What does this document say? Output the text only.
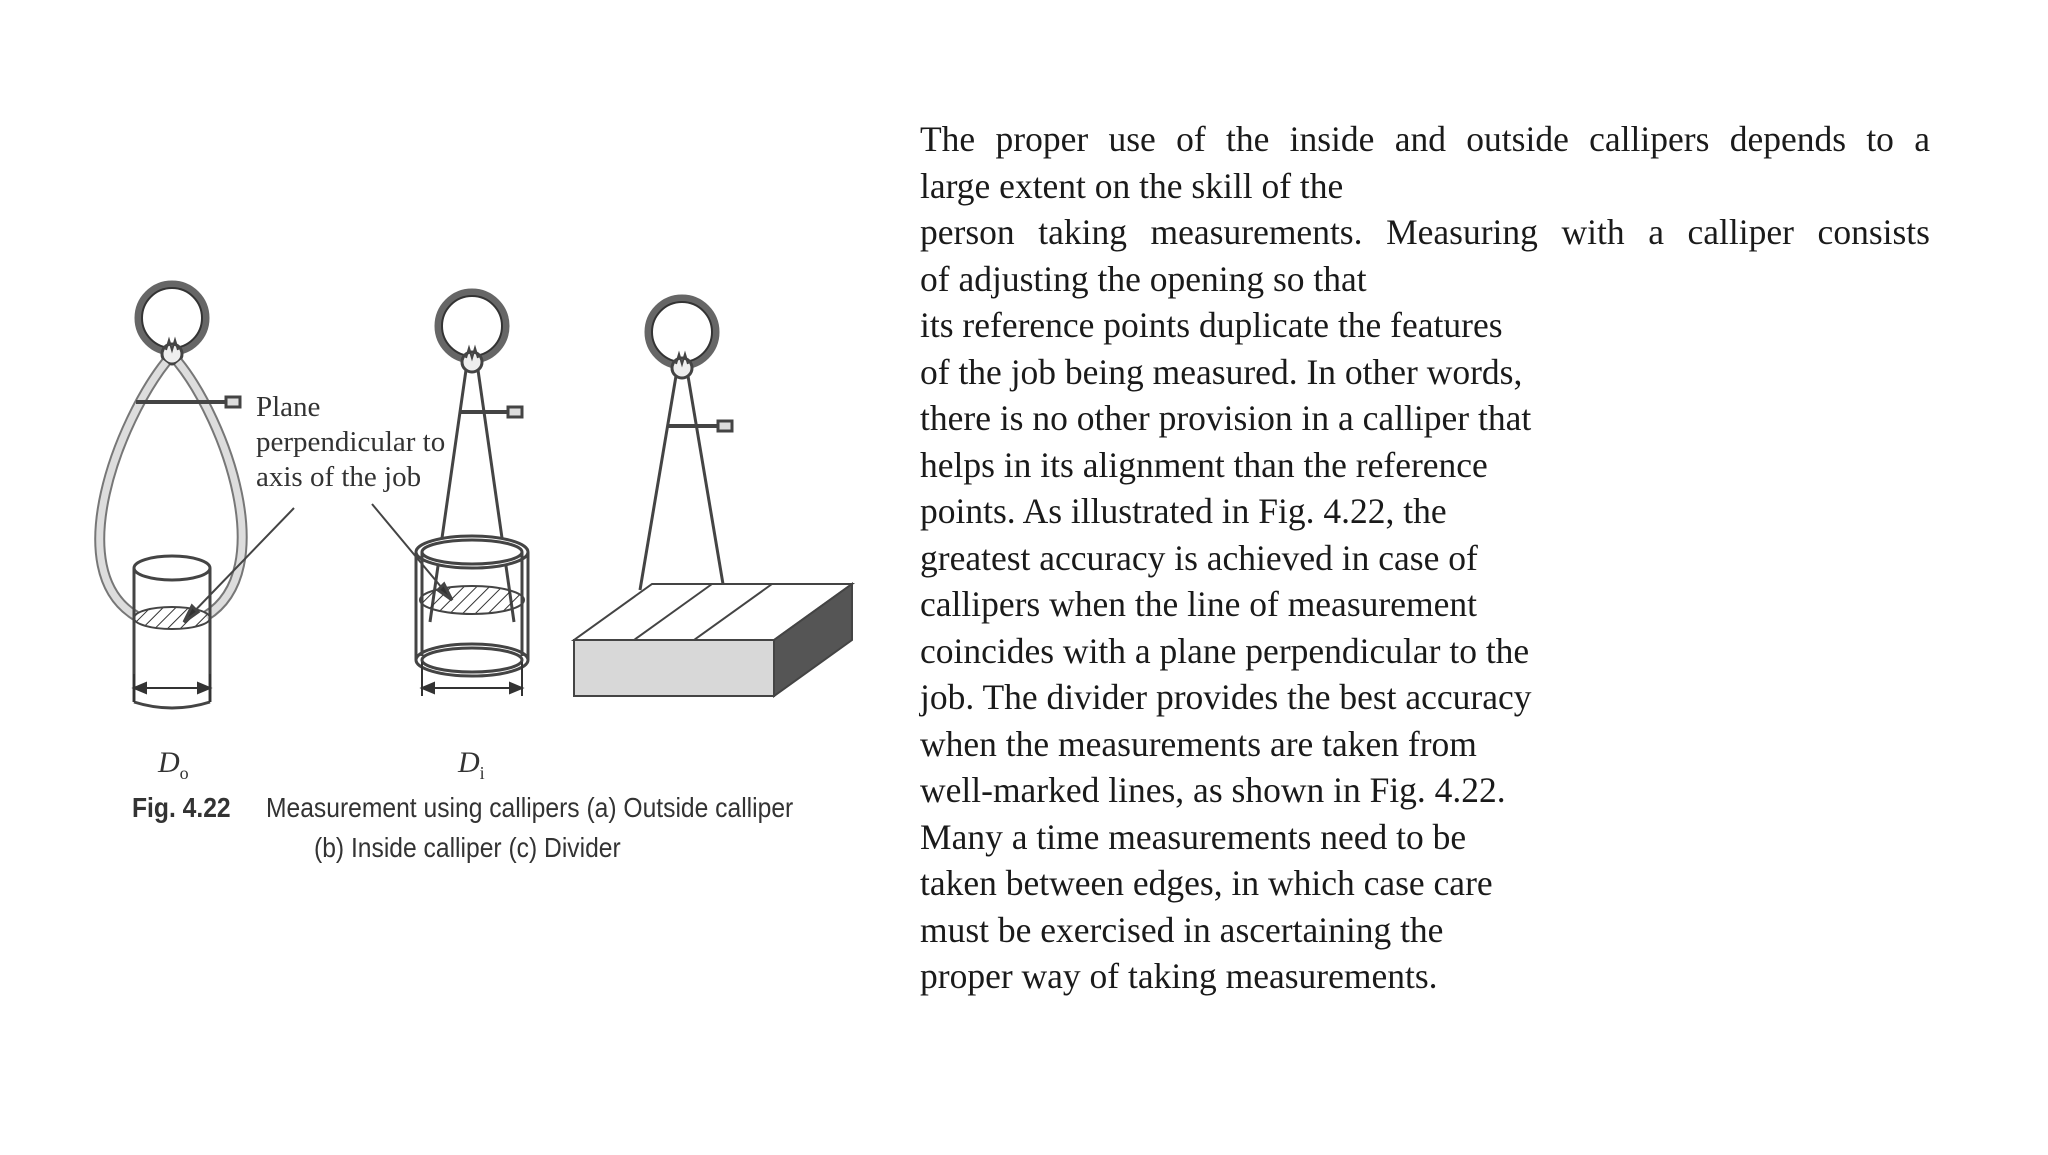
Plane
perpendicular to
axis of the job
$D_o$	$D_i$
Fig. 4.22 Measurement using callipers (a) Outside calliper
(b) Inside calliper (c) Divider
The proper use of the inside and outside callipers depends to a
large extent on the skill of the
person taking measurements. Measuring with a calliper consists
of adjusting the opening so that
its reference points duplicate the features
of the job being measured. In other words,
there is no other provision in a calliper that
helps in its alignment than the reference
points. As illustrated in Fig. 4.22, the
greatest accuracy is achieved in case of
callipers when the line of measurement
coincides with a plane perpendicular to the
job. The divider provides the best accuracy
when the measurements are taken from
well-marked lines, as shown in Fig. 4.22.
Many a time measurements need to be
taken between edges, in which case care
must be exercised in ascertaining the
proper way of taking measurements.
